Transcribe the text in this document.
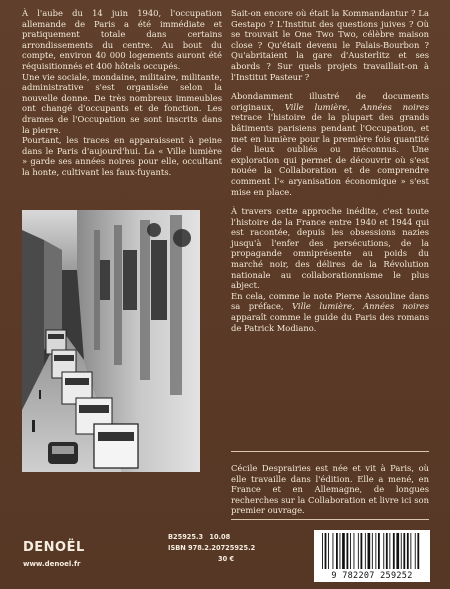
À l'aube du 14 juin 1940, l'occupation allemande de Paris a été immédiate et pratiquement totale dans certains arrondissements du centre. Au bout du compte, environ 40 000 logements auront été réquisitionnés et 400 hôtels occupés.

Une vie sociale, mondaine, militaire, militante, administrative s'est organisée selon la nouvelle donne. De très nombreux immeubles ont changé d'occupants et de fonction. Les drames de l'Occupation se sont inscrits dans la pierre.

Pourtant, les traces en apparaissent à peine dans le Paris d'aujourd'hui. La « Ville lumière » garde ses années noires pour elle, occultant la honte, cultivant les faux-fuyants.

Sait-on encore où était la Kommandantur ? La Gestapo ? L'Institut des questions juives ? Où se trouvait le One Two Two, célèbre maison close ? Qu'était devenu le Palais-Bourbon ? Qu'abritaient la gare d'Austerlitz et ses abords ? Sur quels projets travaillait-on à l'Institut Pasteur ?

Abondamment illustré de documents originaux, Ville lumière, Années noires retrace l'histoire de la plupart des grands bâtiments parisiens pendant l'Occupation, et met en lumière pour la première fois quantité de lieux oubliés ou méconnus. Une exploration qui permet de découvrir où s'est nouée la Collaboration et de comprendre comment l'« aryanisation économique » s'est mise en place.

À travers cette approche inédite, c'est toute l'histoire de la France entre 1940 et 1944 qui est racontée, depuis les obsessions nazies jusqu'à l'enfer des persécutions, de la propagande omniprésente au poids du marché noir, des délires de la Révolution nationale au collaborationnisme le plus abject.

En cela, comme le note Pierre Assouline dans sa préface, Ville lumière, Années noires apparaît comme le guide du Paris des romans de Patrick Modiano.

Cécile Desprairies est née et vit à Paris, où elle travaille dans l'édition. Elle a mené, en France et en Allemagne, de longues recherches sur la Collaboration et livre ici son premier ouvrage.
DENOËL
www.denoel.fr
B25925.3 10.08
ISBN 978.2.20725925.2

30 €
9 782207 259252
